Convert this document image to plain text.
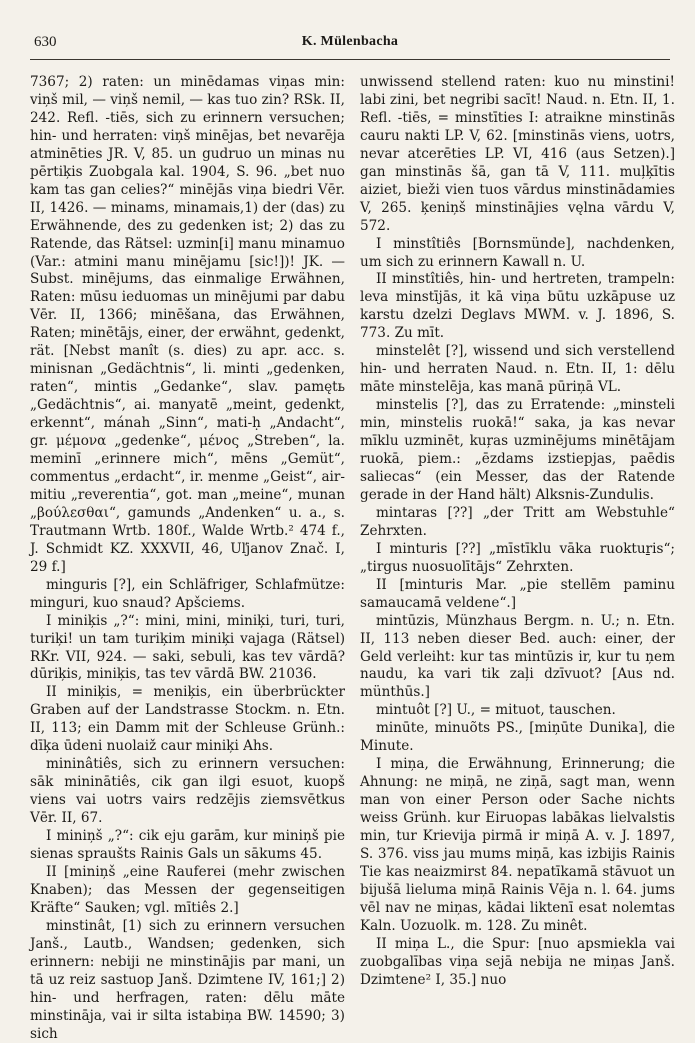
630	K. Mülenbacha

7367; 2) raten: un minēdamas viņas min: viņš mil, — viņš nemil, — kas tuo zin? RSk. II, 242. Refl. -tiēs, sich zu erinnern versuchen; hin- und herraten: viņš minējas, bet nevarēja atminēties JR. V, 85. un gudruo un minas nu pērtiķis Zuobgala kal. 1904, S. 96. „bet nuo kam tas gan celies?“ minējās viņa biedri Vēr. II, 1426. — minams, minamais,1) der (das) zu Erwähnende, des zu gedenken ist; 2) das zu Ratende, das Rätsel: uzmin[i] manu minamuo (Var.: atmini manu minējamu [sic!])! JK. — Subst. minējums, das einmalige Erwähnen, Raten: mūsu ieduomas un minējumi par dabu Vēr. II, 1366; minēšana, das Erwähnen, Raten; minētājs, einer, der erwähnt, gedenkt, rät. [Nebst manît (s. dies) zu apr. acc. s. minisnan „Gedächtnis“, li. minti „gedenken, raten“, mintis „Gedanke“, slav. pamętь „Gedächtnis“, ai. manyatē „meint, gedenkt, erkennt“, mánah „Sinn“, mati-ḥ „Andacht“, gr. μέμονα „gedenke“, μένος „Streben“, la. meminī „erinnere mich“, mēns „Gemüt“, commentus „erdacht“, ir. menme „Geist“, air-mitiu „reverentia“, got. man „meine“, munan „βούλεσθαι“, gamunds „Andenken“ u. a., s. Trautmann Wrtb. 180f., Walde Wrtb.² 474 f., J. Schmidt KZ. XXXVII, 46, Uľjanov Znač. I, 29 f.]

minguris [?], ein Schläfriger, Schlafmütze: minguri, kuo snaud? Apšciems.

I miniķis „?“: mini, mini, miniķi, turi, turi, turiķi! un tam turiķim miniķi vajaga (Rätsel) RKr. VII, 924. — saki, sebuli, kas tev vārdā? dūriķis, miniķis, tas tev vārdā BW. 21036.

II miniķis, = meniķis, ein überbrückter Graben auf der Landstrasse Stockm. n. Etn. II, 113; ein Damm mit der Schleuse Grünh.: dīķa ūdeni nuolaiž caur miniķi Ahs.

mininâtiês, sich zu erinnern versuchen: sāk mininātiês, cik gan ilgi esuot, kuopš viens vai uotrs vairs redzējis ziemsvētkus Vēr. II, 67.

I miniņš „?“: cik eju garām, kur miniņš pie sienas spraušts Rainis Gals un sākums 45.

II [miniņš „eine Rauferei (mehr zwischen Knaben); das Messen der gegenseitigen Kräfte“ Sauken; vgl. mītiês 2.]

minstinât, [1) sich zu erinnern versuchen Janš., Lautb., Wandsen; gedenken, sich erinnern: nebiji ne minstinājis par mani, un tā uz reiz sastuop Janš. Dzimtene IV, 161;] 2) hin- und herfragen, raten: dēlu māte minstināja, vai ir silta istabiņa BW. 14590; 3) sich

unwissend stellend raten: kuo nu minstini! labi zini, bet negribi sacīt! Naud. n. Etn. II, 1. Refl. -tiēs, = minstīties I: atraikne minstinās cauru nakti LP. V, 62. [minstinās viens, uotrs, nevar atcerēties LP. VI, 416 (aus Setzen).] gan minstinās šā, gan tā V, 111. muļķītis aiziet, bieži vien tuos vārdus minstinādamies V, 265. ķeniņš minstinājies vęlna vārdu V, 572.

I minstîtiês [Bornsmünde], nachdenken, um sich zu erinnern Kawall n. U.

II minstîtiês, hin- und hertreten, trampeln: leva minstījās, it kā viņa būtu uzkāpuse uz karstu dzelzi Deglavs MWM. v. J. 1896, S. 773. Zu mīt.

minstelêt [?], wissend und sich verstellend hin- und herraten Naud. n. Etn. II, 1: dēlu māte minstelēja, kas manā pūriņā VL.

minstelis [?], das zu Erratende: „minsteli min, minstelis ruokā!“ saka, ja kas nevar mīklu uzminēt, kuŗas uzminējums minētājam ruokā, piem.: „ēzdams izstiepjas, paēdis saliecas“ (ein Messer, das der Ratende gerade in der Hand hält) Alksnis-Zundulis.

mintaras [??] „der Tritt am Webstuhle“ Zehrxten.

I minturis [??] „mīstīklu vāka ruoktuṟis“; „tirgus nuosuolītājs“ Zehrxten.

II [minturis Mar. „pie stellēm paminu samaucamā veldene“.]

mintūzis, Münzhaus Bergm. n. U.; n. Etn. II, 113 neben dieser Bed. auch: einer, der Geld verleiht: kur tas mintūzis ir, kur tu ņem naudu, ka vari tik zaļi dzīvuot? [Aus nd. münthūs.]

mintuôt [?] U., = mituot, tauschen.

minūte, minuõts PS., [miņūte Dunika], die Minute.

I miņa, die Erwähnung, Erinnerung; die Ahnung: ne miņā, ne ziņā, sagt man, wenn man von einer Person oder Sache nichts weiss Grünh. kur Eiruopas labākas lielvalstis min, tur Krievija pirmā ir miņā A. v. J. 1897, S. 376. viss jau mums miņā, kas izbijis Rainis Tie kas neaizmirst 84. nepatīkamā stāvuot un bijušā lieluma miņā Rainis Vēja n. l. 64. jums vēl nav ne miņas, kādai liktenī esat nolemtas Kaln. Uozuolk. m. 128. Zu minêt.

II miņa L., die Spur: [nuo apsmiekla vai zuobgalības viņa sejā nebija ne miņas Janš. Dzimtene² I, 35.] nuo
